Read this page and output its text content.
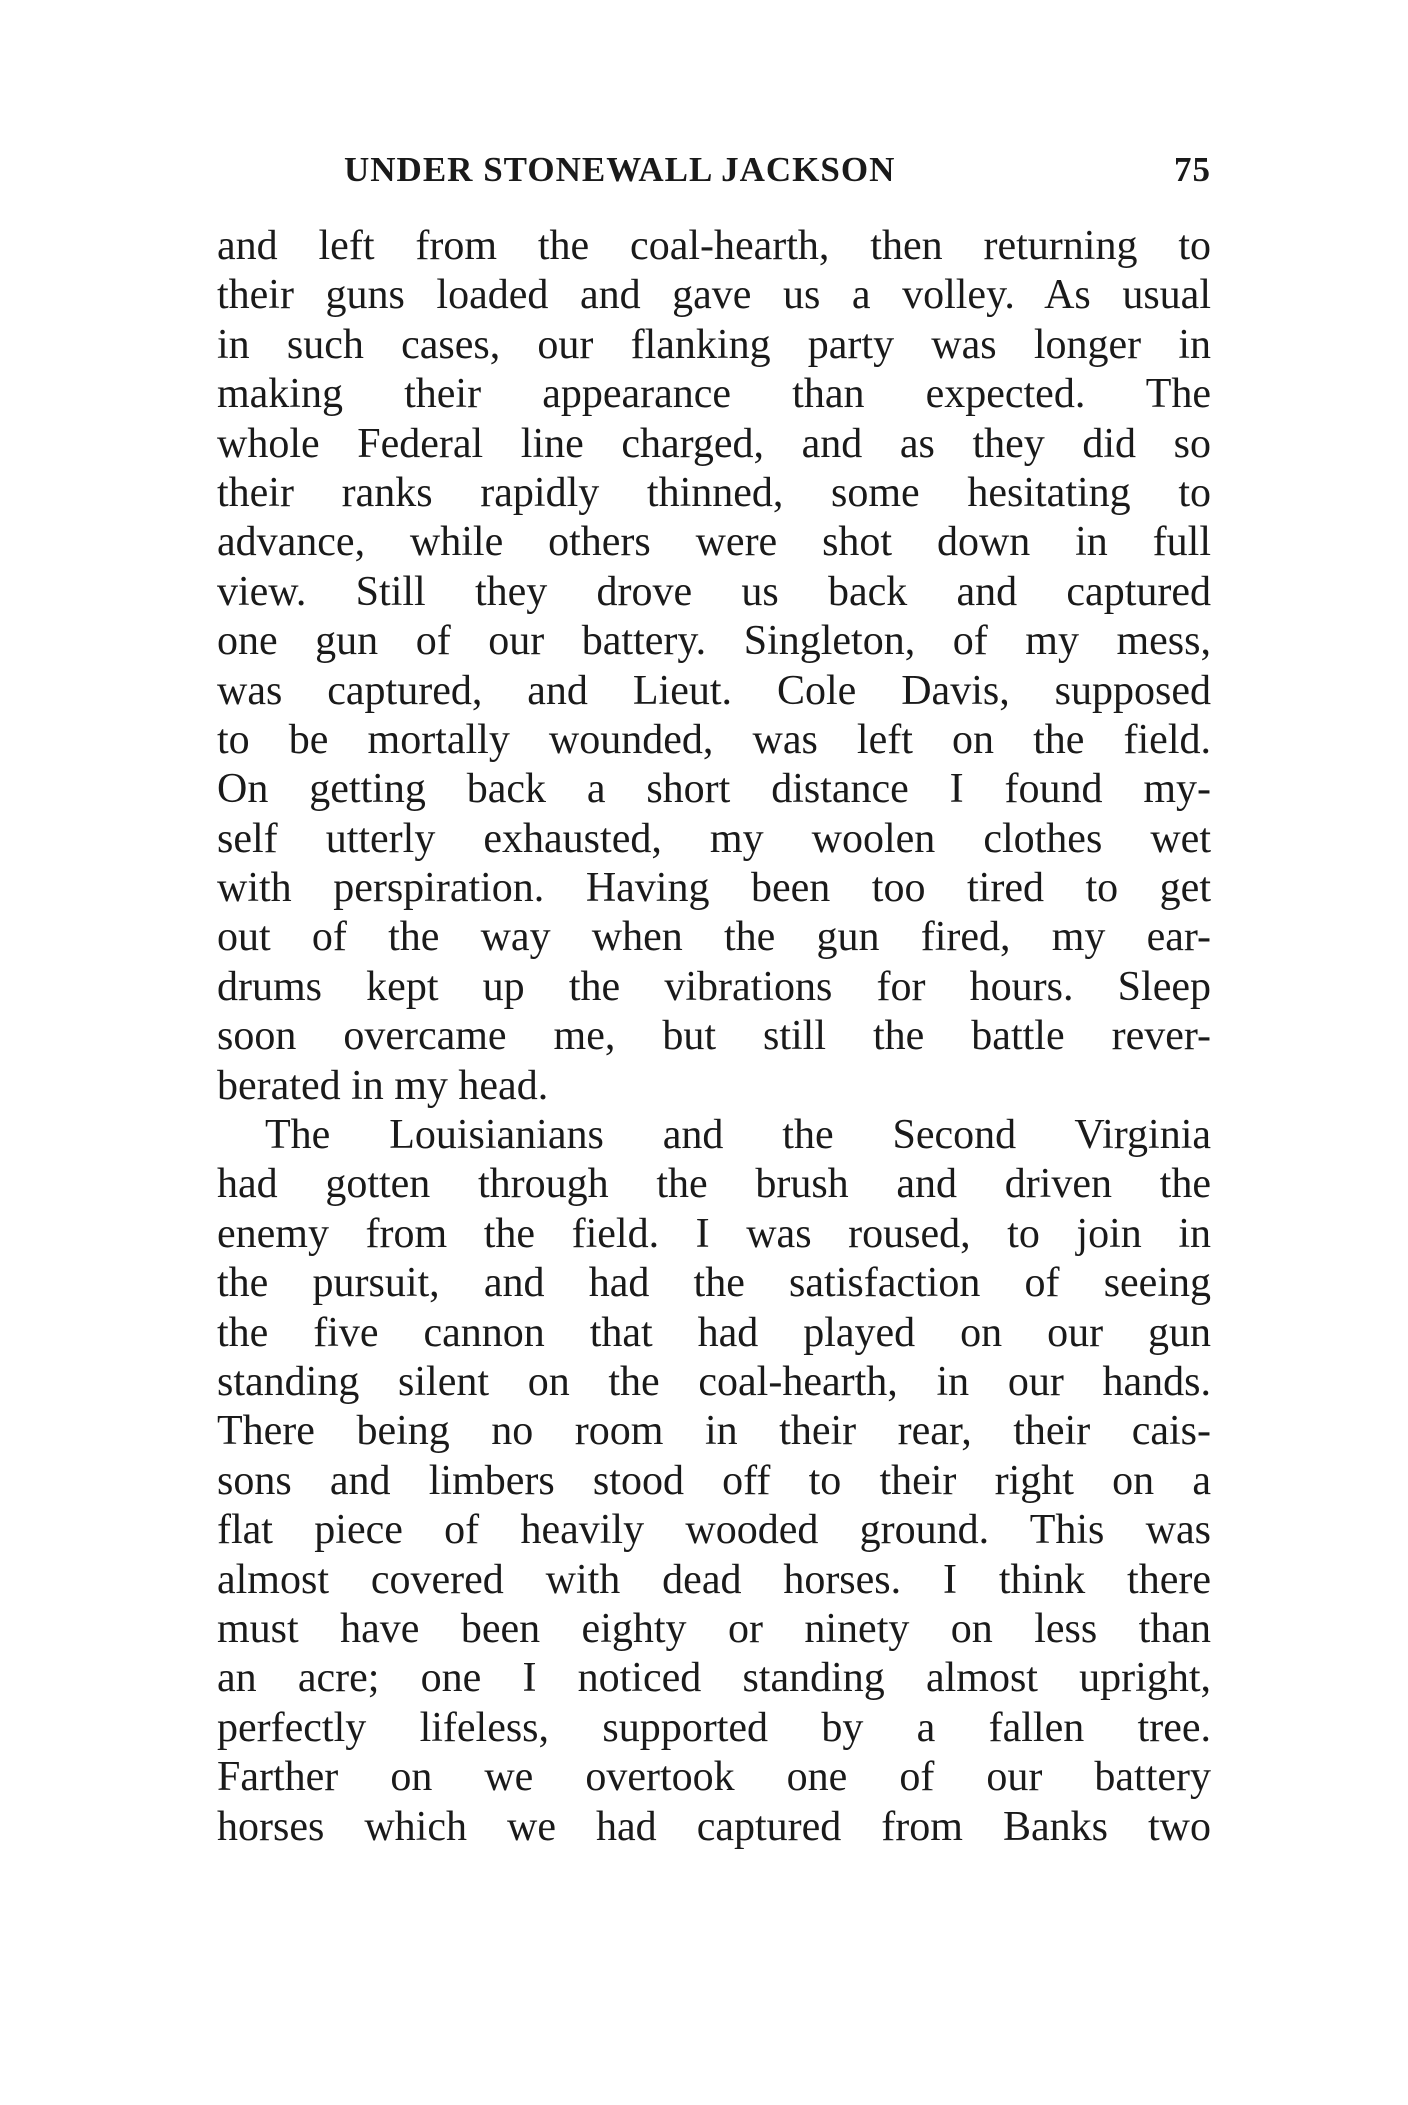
UNDER STONEWALL JACKSON	75
and left from the coal-hearth, then returning to
their guns loaded and gave us a volley. As usual
in such cases, our flanking party was longer in
making their appearance than expected. The
whole Federal line charged, and as they did so
their ranks rapidly thinned, some hesitating to
advance, while others were shot down in full
view. Still they drove us back and captured
one gun of our battery. Singleton, of my mess,
was captured, and Lieut. Cole Davis, supposed
to be mortally wounded, was left on the field.
On getting back a short distance I found my-
self utterly exhausted, my woolen clothes wet
with perspiration. Having been too tired to get
out of the way when the gun fired, my ear-
drums kept up the vibrations for hours. Sleep
soon overcame me, but still the battle rever-
berated in my head.
The Louisianians and the Second Virginia
had gotten through the brush and driven the
enemy from the field. I was roused, to join in
the pursuit, and had the satisfaction of seeing
the five cannon that had played on our gun
standing silent on the coal-hearth, in our hands.
There being no room in their rear, their cais-
sons and limbers stood off to their right on a
flat piece of heavily wooded ground. This was
almost covered with dead horses. I think there
must have been eighty or ninety on less than
an acre; one I noticed standing almost upright,
perfectly lifeless, supported by a fallen tree.
Farther on we overtook one of our battery
horses which we had captured from Banks two
